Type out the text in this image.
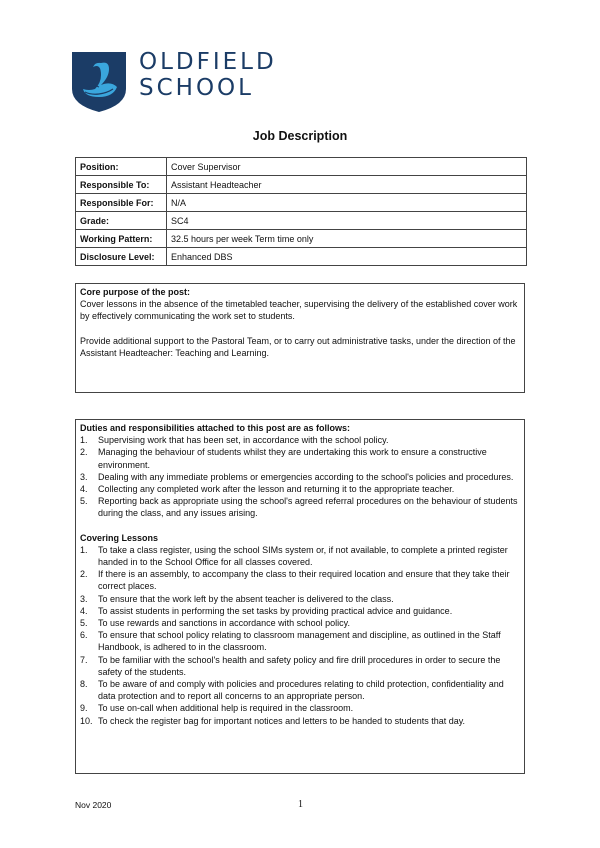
OLDFIELD
SCHOOL
Job Description
Position:	Cover Supervisor
Responsible To:	Assistant Headteacher
Responsible For:	N/A
Grade:	SC4
Working Pattern:	32.5 hours per week Term time only
Disclosure Level:	Enhanced DBS

Core purpose of the post:

Cover lessons in the absence of the timetabled teacher, supervising the delivery of the established cover work by effectively communicating the work set to students.

Provide additional support to the Pastoral Team, or to carry out administrative tasks, under the direction of the Assistant Headteacher: Teaching and Learning.

Duties and responsibilities attached to this post are as follows:

1. Supervising work that has been set, in accordance with the school policy.
2. Managing the behaviour of students whilst they are undertaking this work to ensure a constructive environment.
3. Dealing with any immediate problems or emergencies according to the school's policies and procedures.
4. Collecting any completed work after the lesson and returning it to the appropriate teacher.
5. Reporting back as appropriate using the school's agreed referral procedures on the behaviour of students during the class, and any issues arising.

Covering Lessons

1. To take a class register, using the school SIMs system or, if not available, to complete a printed register handed in to the School Office for all classes covered.
2. If there is an assembly, to accompany the class to their required location and ensure that they take their correct places.
3. To ensure that the work left by the absent teacher is delivered to the class.
4. To assist students in performing the set tasks by providing practical advice and guidance.
5. To use rewards and sanctions in accordance with school policy.
6. To ensure that school policy relating to classroom management and discipline, as outlined in the Staff Handbook, is adhered to in the classroom.
7. To be familiar with the school's health and safety policy and fire drill procedures in order to secure the safety of the students.
8. To be aware of and comply with policies and procedures relating to child protection, confidentiality and data protection and to report all concerns to an appropriate person.
9. To use on-call when additional help is required in the classroom.
10. To check the register bag for important notices and letters to be handed to students that day.
Nov 2020	1
